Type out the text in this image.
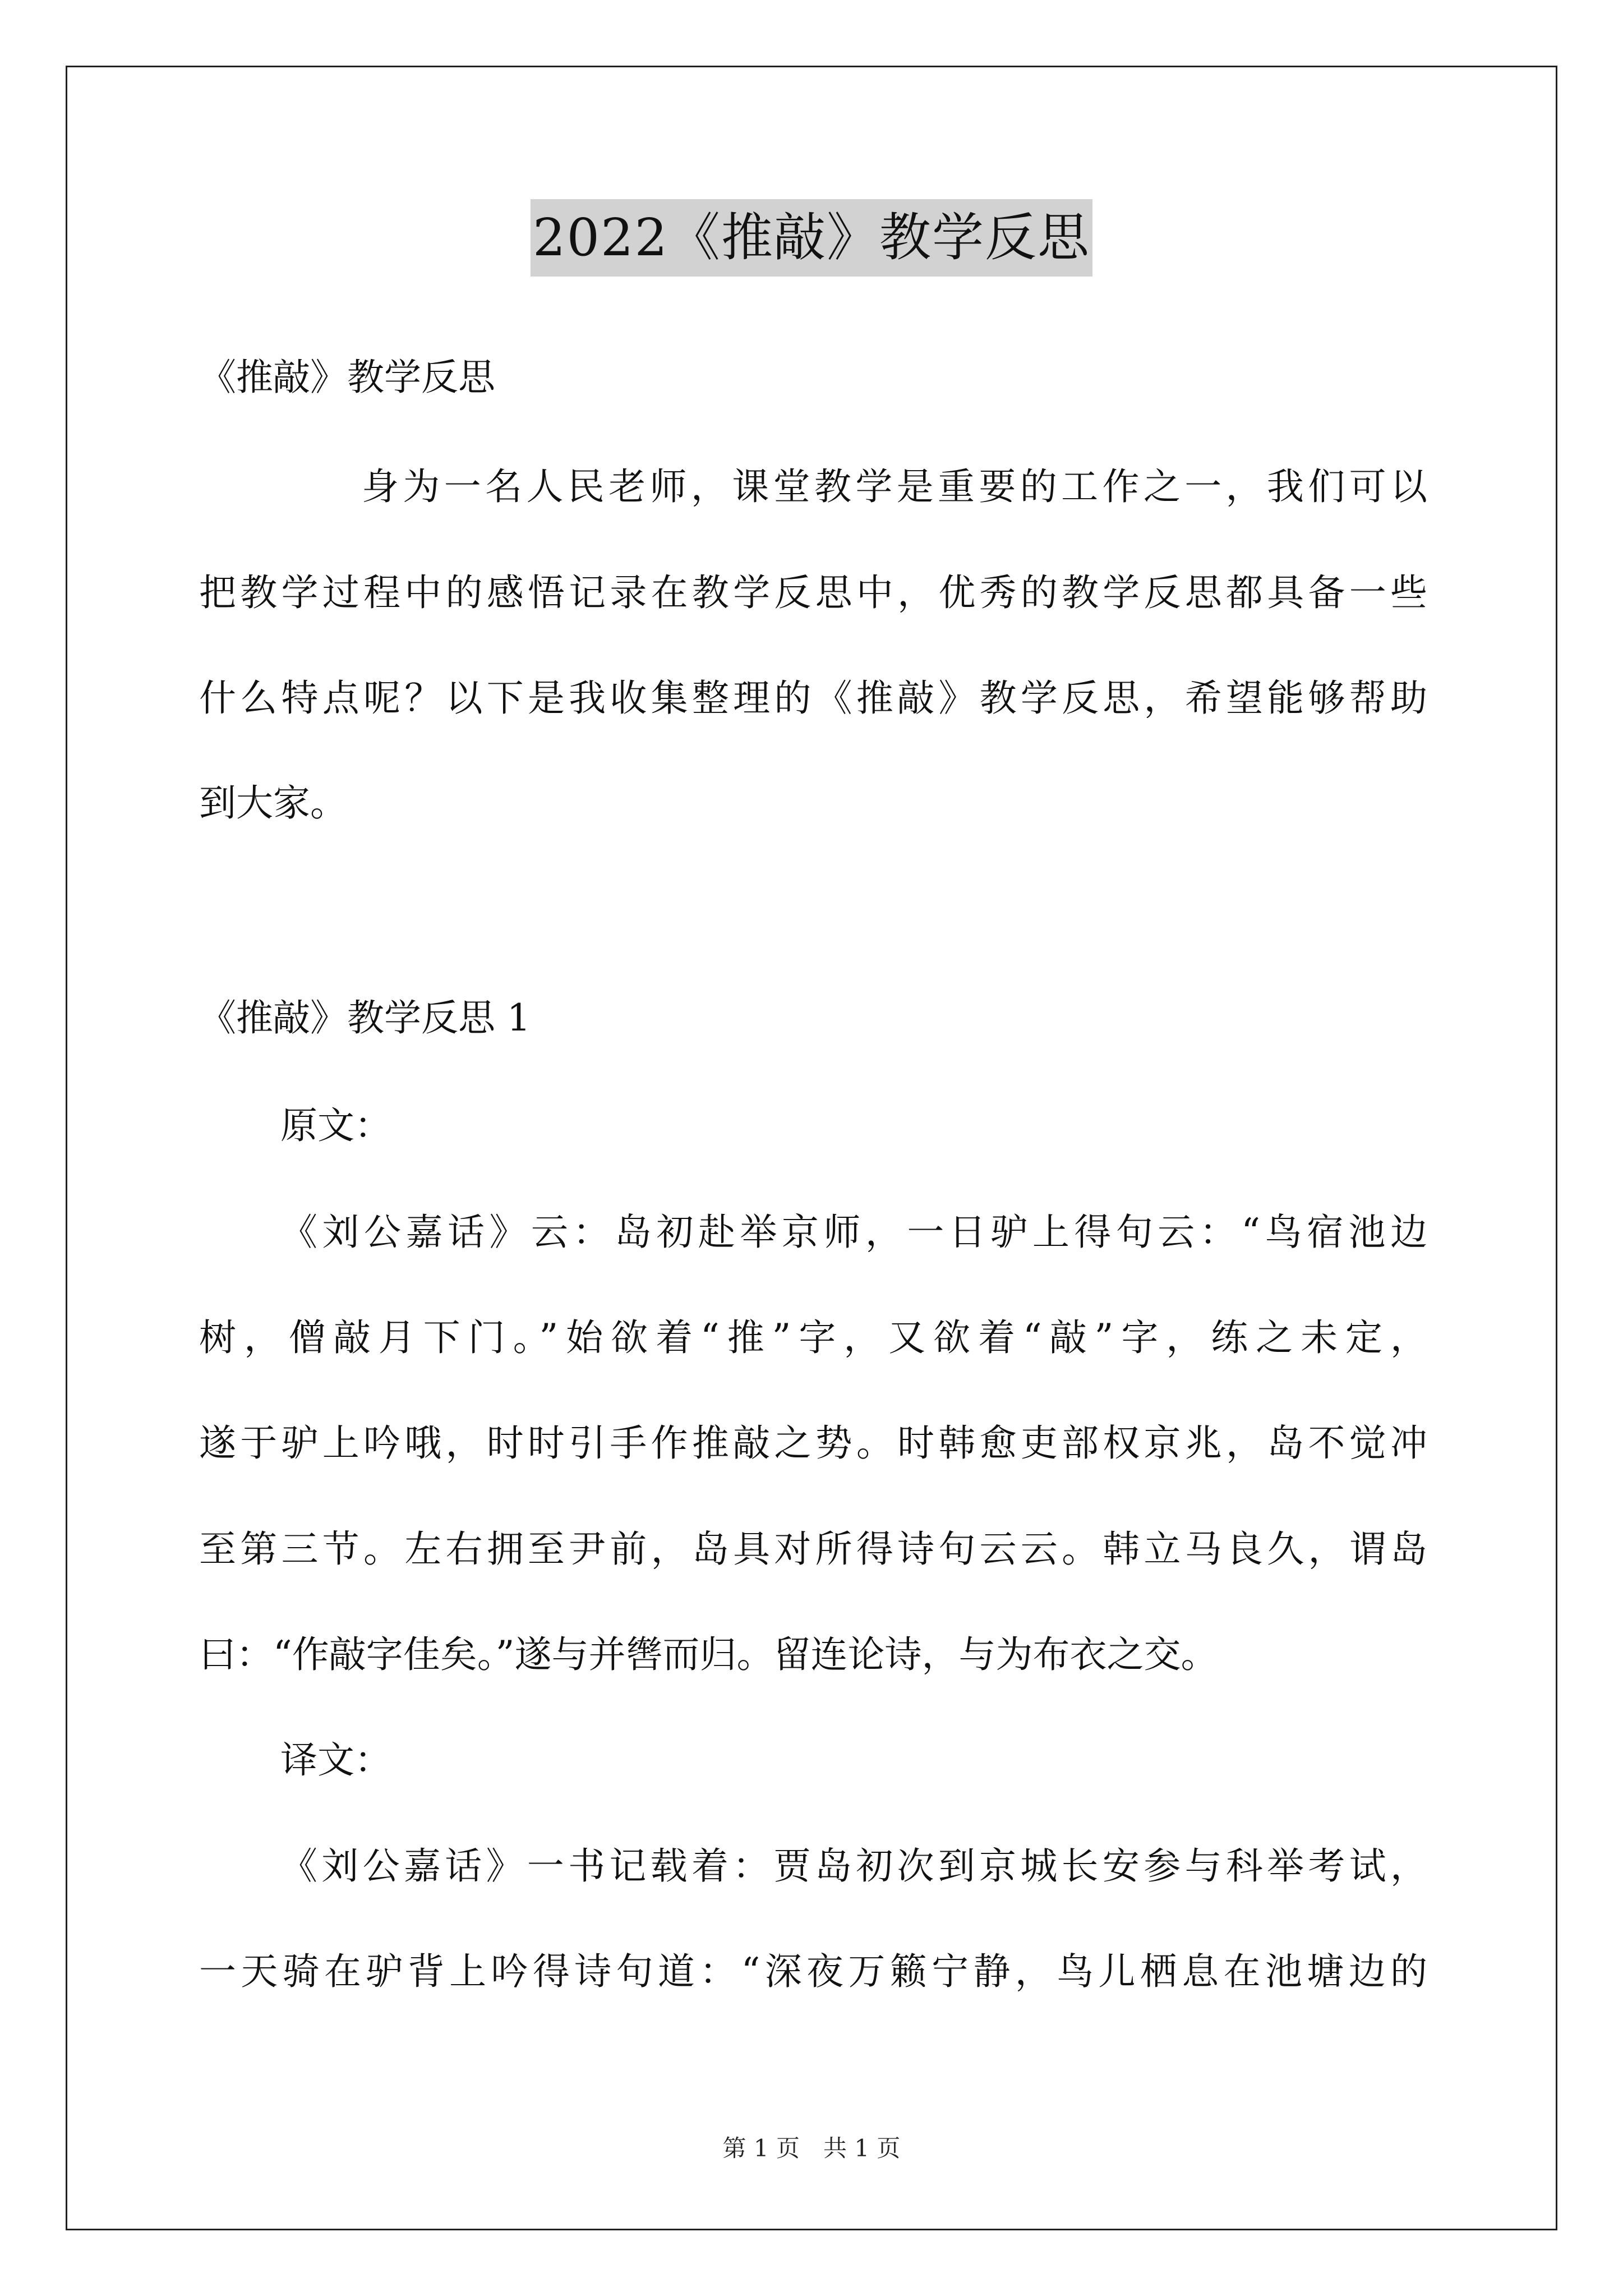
2022《推敲》教学反思
《推敲》教学反思
身为一名人民老师，课堂教学是重要的工作之一，我们可以
把教学过程中的感悟记录在教学反思中，优秀的教学反思都具备一些
什么特点呢？以下是我收集整理的《推敲》教学反思，希望能够帮助
到大家。
《推敲》教学反思 1
原文：
《刘公嘉话》云：岛初赴举京师，一日驴上得句云：“鸟宿池边
树，僧敲月下门。”始欲着“推”字，又欲着“敲”字，练之未定，
遂于驴上吟哦，时时引手作推敲之势。时韩愈吏部权京兆，岛不觉冲
至第三节。左右拥至尹前，岛具对所得诗句云云。韩立马良久，谓岛
曰：“作敲字佳矣。”遂与并辔而归。留连论诗，与为布衣之交。
译文：
《刘公嘉话》一书记载着：贾岛初次到京城长安参与科举考试，
一天骑在驴背上吟得诗句道：“深夜万籁宁静，鸟儿栖息在池塘边的
第 1 页　 共 1 页
